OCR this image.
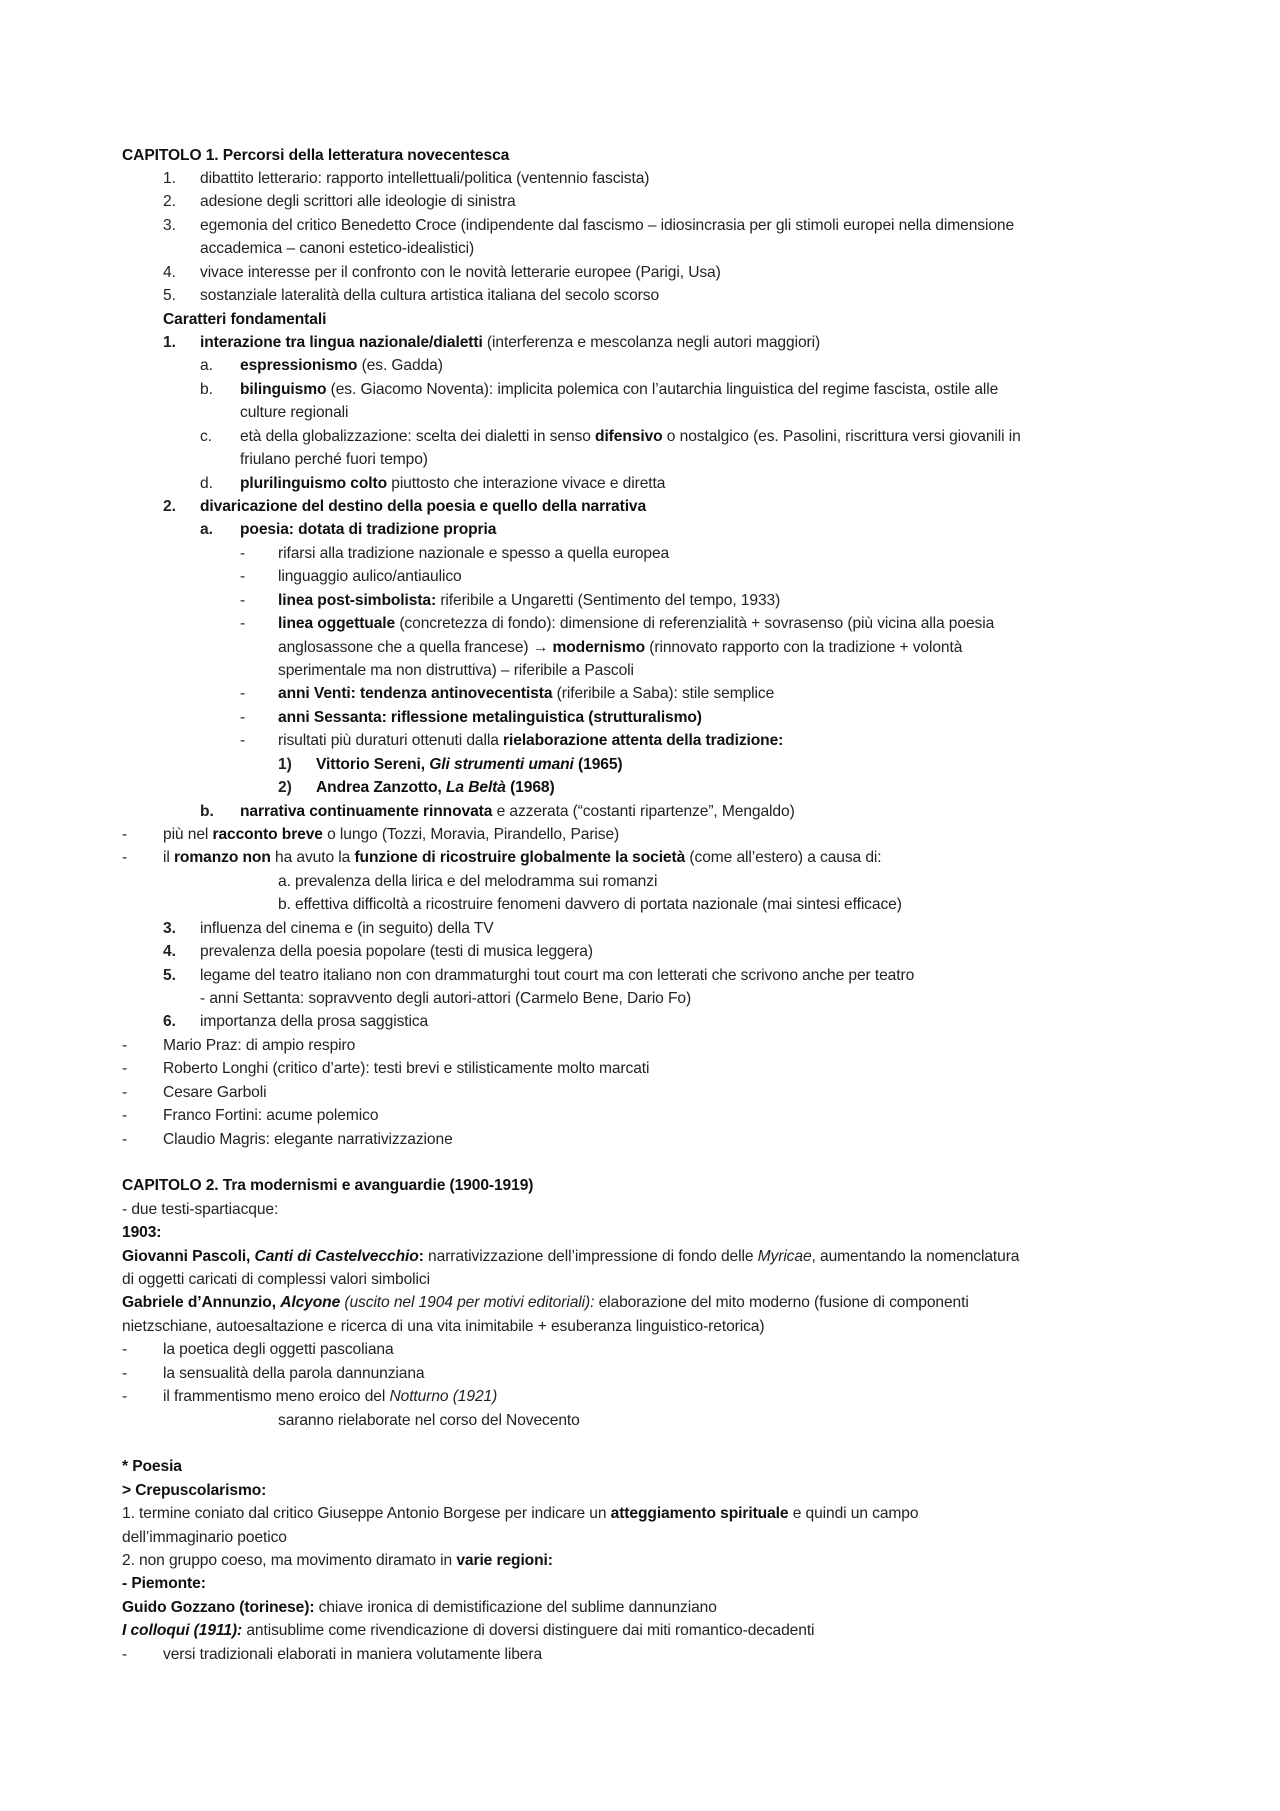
CAPITOLO 1. Percorsi della letteratura novecentesca
1. dibattito letterario: rapporto intellettuali/politica (ventennio fascista)
2. adesione degli scrittori alle ideologie di sinistra
3. egemonia del critico Benedetto Croce (indipendente dal fascismo – idiosincrasia per gli stimoli europei nella dimensione
accademica – canoni estetico-idealistici)
4. vivace interesse per il confronto con le novità letterarie europee (Parigi, Usa)
5. sostanziale lateralità della cultura artistica italiana del secolo scorso
Caratteri fondamentali
1. interazione tra lingua nazionale/dialetti (interferenza e mescolanza negli autori maggiori)
a. espressionismo (es. Gadda)
b. bilinguismo (es. Giacomo Noventa): implicita polemica con l’autarchia linguistica del regime fascista, ostile alle
culture regionali
c. età della globalizzazione: scelta dei dialetti in senso difensivo o nostalgico (es. Pasolini, riscrittura versi giovanili in
friulano perché fuori tempo)
d. plurilinguismo colto piuttosto che interazione vivace e diretta
2. divaricazione del destino della poesia e quello della narrativa
a. poesia: dotata di tradizione propria
- rifarsi alla tradizione nazionale e spesso a quella europea
- linguaggio aulico/antiaulico
- linea post-simbolista: riferibile a Ungaretti (Sentimento del tempo, 1933)
- linea oggettuale (concretezza di fondo): dimensione di referenzialità + sovrasenso (più vicina alla poesia
anglosassone che a quella francese) → modernismo (rinnovato rapporto con la tradizione + volontà
sperimentale ma non distruttiva) – riferibile a Pascoli
- anni Venti: tendenza antinovecentista (riferibile a Saba): stile semplice
- anni Sessanta: riflessione metalinguistica (strutturalismo)
- risultati più duraturi ottenuti dalla rielaborazione attenta della tradizione:
1) Vittorio Sereni, Gli strumenti umani (1965)
2) Andrea Zanzotto, La Beltà (1968)
b. narrativa continuamente rinnovata e azzerata (“costanti ripartenze”, Mengaldo)
- più nel racconto breve o lungo (Tozzi, Moravia, Pirandello, Parise)
- il romanzo non ha avuto la funzione di ricostruire globalmente la società (come all’estero) a causa di:
a. prevalenza della lirica e del melodramma sui romanzi
b. effettiva difficoltà a ricostruire fenomeni davvero di portata nazionale (mai sintesi efficace)
3. influenza del cinema e (in seguito) della TV
4. prevalenza della poesia popolare (testi di musica leggera)
5. legame del teatro italiano non con drammaturghi tout court ma con letterati che scrivono anche per teatro
- anni Settanta: sopravvento degli autori-attori (Carmelo Bene, Dario Fo)
6. importanza della prosa saggistica
- Mario Praz: di ampio respiro
- Roberto Longhi (critico d’arte): testi brevi e stilisticamente molto marcati
- Cesare Garboli
- Franco Fortini: acume polemico
- Claudio Magris: elegante narrativizzazione
CAPITOLO 2. Tra modernismi e avanguardie (1900-1919)
- due testi-spartiacque:
1903:
Giovanni Pascoli, Canti di Castelvecchio: narrativizzazione dell’impressione di fondo delle Myricae, aumentando la nomenclatura
di oggetti caricati di complessi valori simbolici
Gabriele d’Annunzio, Alcyone (uscito nel 1904 per motivi editoriali): elaborazione del mito moderno (fusione di componenti
nietzschiane, autoesaltazione e ricerca di una vita inimitabile + esuberanza linguistico-retorica)
- la poetica degli oggetti pascoliana
- la sensualità della parola dannunziana
- il frammentismo meno eroico del Notturno (1921)
saranno rielaborate nel corso del Novecento
* Poesia
> Crepuscolarismo:
1. termine coniato dal critico Giuseppe Antonio Borgese per indicare un atteggiamento spirituale e quindi un campo
dell’immaginario poetico
2. non gruppo coeso, ma movimento diramato in varie regioni:
- Piemonte:
Guido Gozzano (torinese): chiave ironica di demistificazione del sublime dannunziano
I colloqui (1911): antisublime come rivendicazione di doversi distinguere dai miti romantico-decadenti
- versi tradizionali elaborati in maniera volutamente libera
